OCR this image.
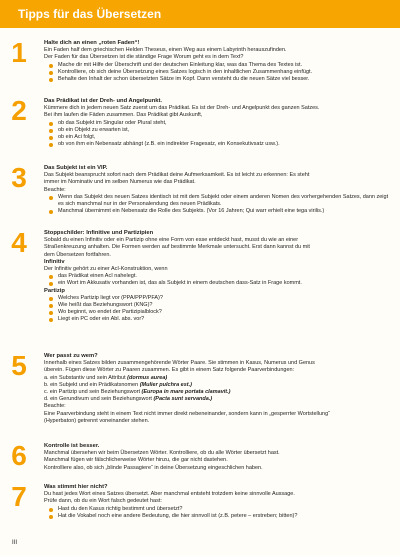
Tipps für das Übersetzen
1	Halte dich an einen „roten Faden“!
Ein Faden half dem griechischen Helden Theseus, einen Weg aus einem Labyrinth herauszufinden.
Der Faden für das Übersetzen ist die ständige Frage Worum geht es in dem Text?
Mache dir mit Hilfe der Überschrift und der deutschen Einleitung klar, was das Thema des Textes ist.
Kontrolliere, ob sich deine Übersetzung eines Satzes logisch in den inhaltlichen Zusammenhang einfügt.
Behalte den Inhalt der schon übersetzten Sätze im Kopf. Dann versteht du die neuen Sätze viel besser.
2	Das Prädikat ist der Dreh- und Angelpunkt.
Kümmere dich in jedem neuen Satz zuerst um das Prädikat. Es ist der Dreh- und Angelpunkt des ganzen Satzes.
Bei ihm laufen die Fäden zusammen. Das Prädikat gibt Auskunft,
ob das Subjekt im Singular oder Plural steht,
ob ein Objekt zu erwarten ist,
ob ein Aci folgt,
ob von ihm ein Nebensatz abhängt (z.B. ein indirekter Fragesatz, ein Konsekutivsatz usw.).
3	Das Subjekt ist ein VIP.
Das Subjekt beansprucht sofort nach dem Prädikat deine Aufmerksamkeit. Es ist leicht zu erkennen: Es steht
immer im Nominativ und im selben Numerus wie das Prädikat.
Beachte:
Wenn das Subjekt des neuen Satzes identisch ist mit dem Subjekt oder einem anderen Nomen des vorhergehenden Satzes, dann zeigt es sich manchmal nur in der Personalendung des neuen Prädikats.
Manchmal übernimmt ein Nebensatz die Rolle des Subjekts. (Vor 16 Jahren; Qui warr erhielt eine tega virilis.)
4	Stoppschilder: Infinitive und Partizipien
Sobald du einen Infinitiv oder ein Partizip ohne eine Form von esse entdeckt hast, musst du wie an einer
Straßenkreuzung anhalten. Die Formen werden auf bestimmte Merkmale untersucht. Erst dann kannst du mit
dem Übersetzen fortfahren.
Infinitiv
Der Infinitiv gehört zu einer AcI-Konstruktion, wenn
das Prädikat einen AcI nahelegt.
ein Wort im Akkusativ vorhanden ist, das als Subjekt in einem deutschen dass-Satz in Frage kommt.
Partizip
Welches Partizip liegt vor (PPA/PPP/PFA)?
Wie heißt das Beziehungswort (KNG)?
Wo beginnt, wo endet der Partizipialblock?
Liegt ein PC oder ein Abl. abs. vor?
5	Wer passt zu wem?
Innerhalb eines Satzes bilden zusammengehörende Wörter Paare. Sie stimmen in Kasus, Numerus und Genus
überein. Fügen diese Wörter zu Paaren zusammen. Es gibt in einem Satz folgende Paarverbindungen:
a. ein Substantiv und sein Attribut (dormus aurea)
b. ein Subjekt und ein Prädikatsnomen (Mulier pulchra est.)
c. ein Partizip und sein Beziehungswort (Europa in mare portata clamavit.)
d. ein Gerundivum und sein Beziehungswort (Pacta sunt servanda.)
Beachte:
Eine Paarverbindung steht in einem Text nicht immer direkt nebeneinander, sondern kann in „gesperrter Wortstellung“
(Hyperbaton) getrennt voneinander stehen.
6	Kontrolle ist besser.
Manchmal übersehen wir beim Übersetzen Wörter. Kontrolliere, ob du alle Wörter übersetzt hast.
Manchmal fügen wir fälschlicherweise Wörter hinzu, die gar nicht dastehen.
Kontrolliere also, ob sich „blinde Passagiere“ in deine Übersetzung eingeschlichen haben.
7	Was stimmt hier nicht?
Du hast jedes Wort eines Satzes übersetzt. Aber manchmal entsteht trotzdem keine sinnvolle Aussage.
Prüfe dann, ob du ein Wort falsch gedeutet hast:
Hast du den Kasus richtig bestimmt und übersetzt?
Hat die Vokabel noch eine andere Bedeutung, die hier sinnvoll ist (z.B. petere – erstreben; bitten)?
III
